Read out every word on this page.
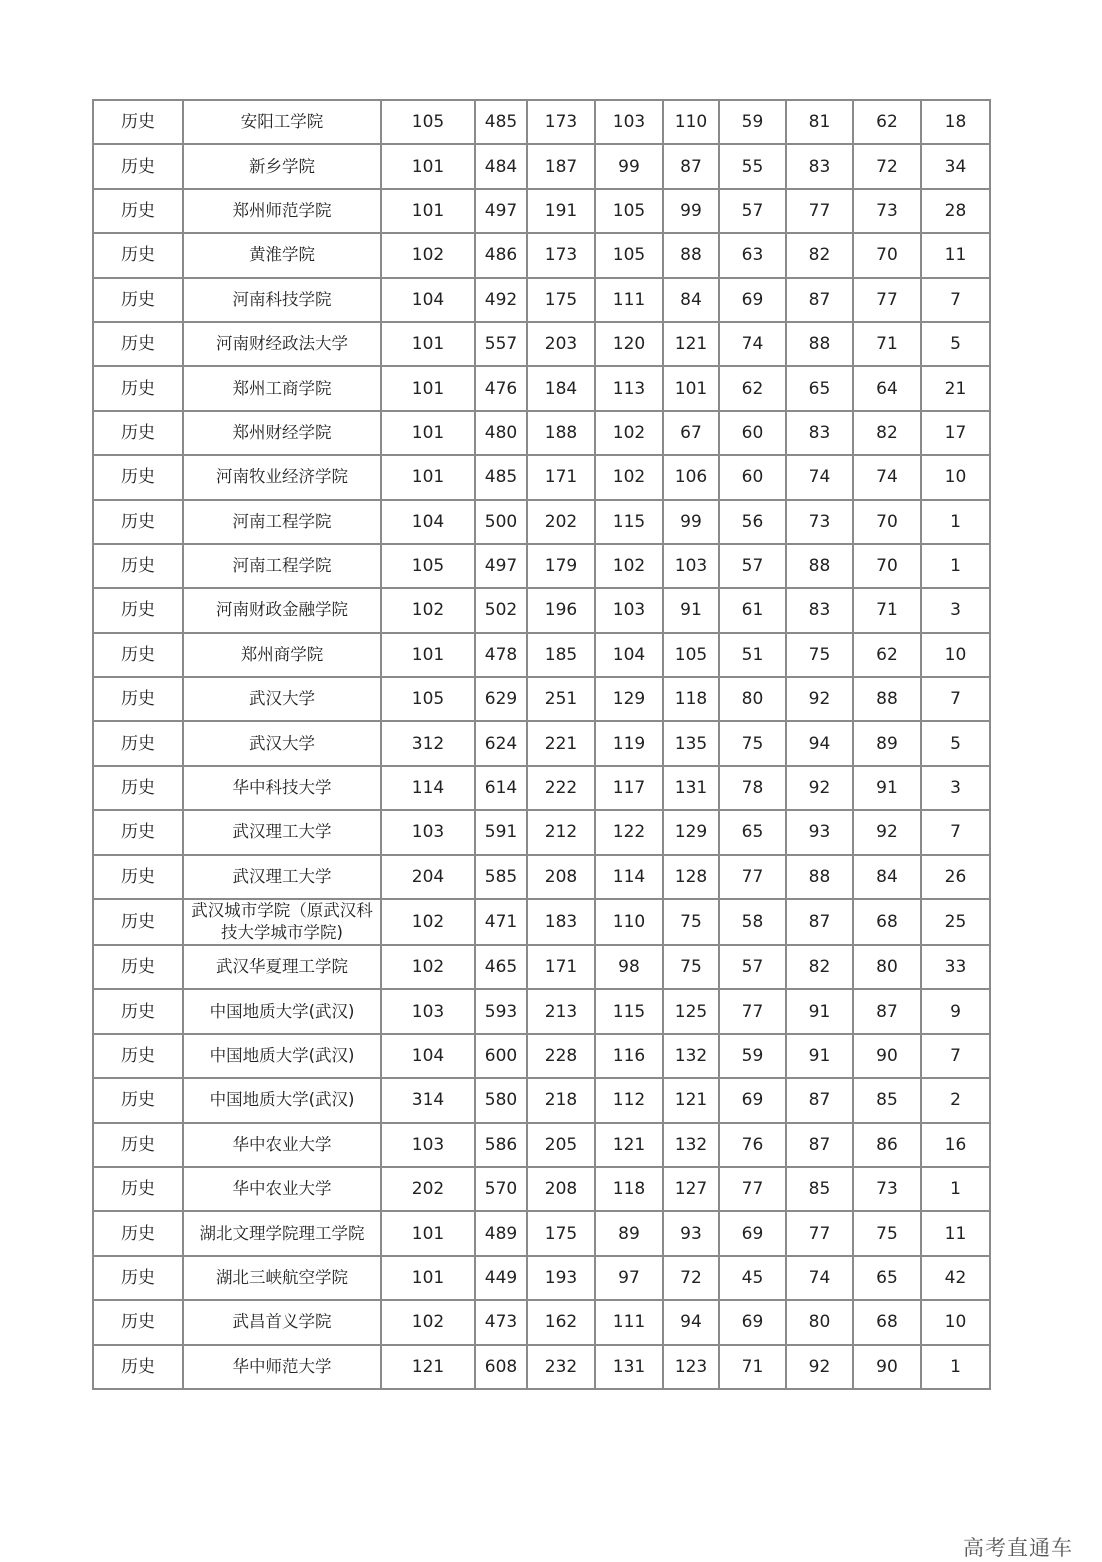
历史	安阳工学院	105	485	173	103	110	59	81	62	18
历史	新乡学院	101	484	187	99	87	55	83	72	34
历史	郑州师范学院	101	497	191	105	99	57	77	73	28
历史	黄淮学院	102	486	173	105	88	63	82	70	11
历史	河南科技学院	104	492	175	111	84	69	87	77	7
历史	河南财经政法大学	101	557	203	120	121	74	88	71	5
历史	郑州工商学院	101	476	184	113	101	62	65	64	21
历史	郑州财经学院	101	480	188	102	67	60	83	82	17
历史	河南牧业经济学院	101	485	171	102	106	60	74	74	10
历史	河南工程学院	104	500	202	115	99	56	73	70	1
历史	河南工程学院	105	497	179	102	103	57	88	70	1
历史	河南财政金融学院	102	502	196	103	91	61	83	71	3
历史	郑州商学院	101	478	185	104	105	51	75	62	10
历史	武汉大学	105	629	251	129	118	80	92	88	7
历史	武汉大学	312	624	221	119	135	75	94	89	5
历史	华中科技大学	114	614	222	117	131	78	92	91	3
历史	武汉理工大学	103	591	212	122	129	65	93	92	7
历史	武汉理工大学	204	585	208	114	128	77	88	84	26
历史	武汉城市学院（原武汉科技大学城市学院)	102	471	183	110	75	58	87	68	25
历史	武汉华夏理工学院	102	465	171	98	75	57	82	80	33
历史	中国地质大学(武汉)	103	593	213	115	125	77	91	87	9
历史	中国地质大学(武汉)	104	600	228	116	132	59	91	90	7
历史	中国地质大学(武汉)	314	580	218	112	121	69	87	85	2
历史	华中农业大学	103	586	205	121	132	76	87	86	16
历史	华中农业大学	202	570	208	118	127	77	85	73	1
历史	湖北文理学院理工学院	101	489	175	89	93	69	77	75	11
历史	湖北三峡航空学院	101	449	193	97	72	45	74	65	42
历史	武昌首义学院	102	473	162	111	94	69	80	68	10
历史	华中师范大学	121	608	232	131	123	71	92	90	1
高考直通车
